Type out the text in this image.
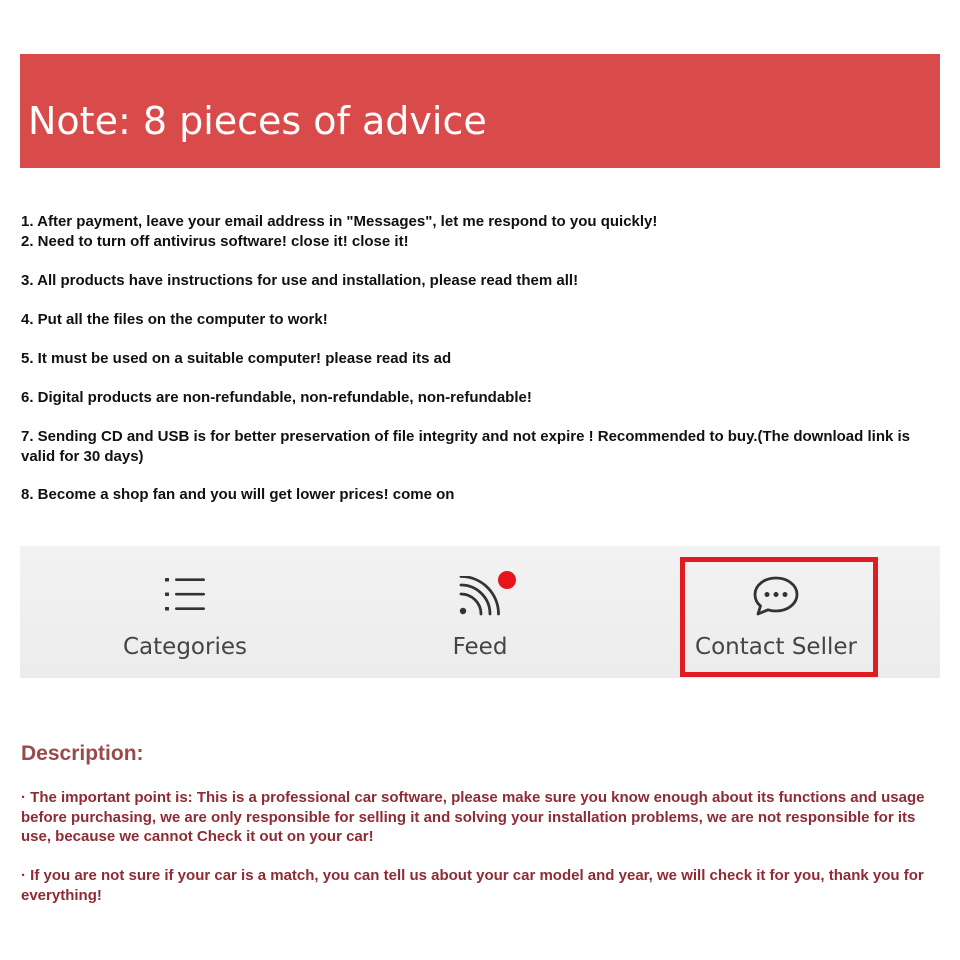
Note: 8 pieces of advice
1. After payment, leave your email address in "Messages", let me respond to you quickly!
2. Need to turn off antivirus software! close it! close it!
3. All products have instructions for use and installation, please read them all!
4. Put all the files on the computer to work!
5. It must be used on a suitable computer! please read its ad
6. Digital products are non-refundable, non-refundable, non-refundable!
7. Sending CD and USB is for better preservation of file integrity and not expire ! Recommended to buy.(The download link is valid for 30 days)
8. Become a shop fan and you will get lower prices! come on
Categories	Feed	Contact Seller
Description:
· The important point is: This is a professional car software, please make sure you know enough about its functions and usage before purchasing, we are only responsible for selling it and solving your installation problems, we are not responsible for its use, because we cannot Check it out on your car!
· If you are not sure if your car is a match, you can tell us about your car model and year, we will check it for you, thank you for everything!
